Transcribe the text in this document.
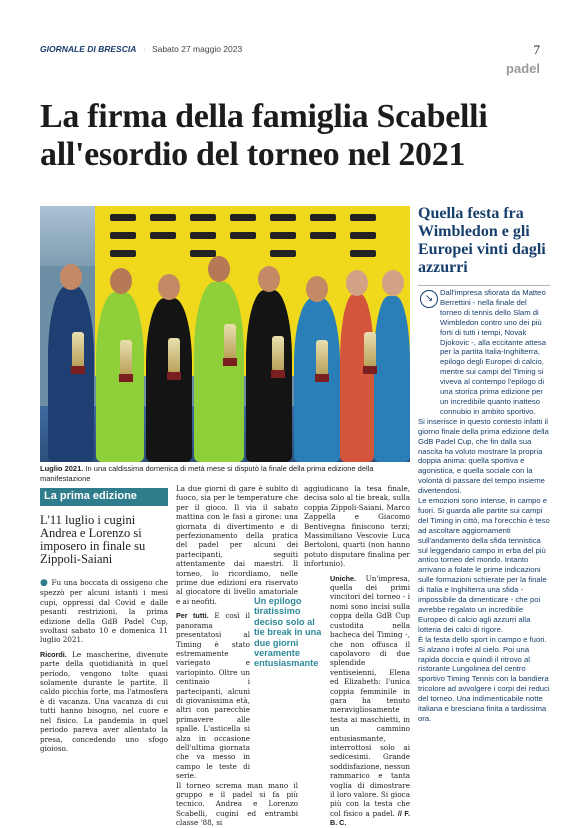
GIORNALE DI BRESCIA · Sabato 27 maggio 2023	7
padel
La firma della famiglia Scabelli
all'esordio del torneo nel 2021
Luglio 2021. In una caldissima domenica di metà mese si disputò la finale della prima edizione della manifestazione
Quella festa fra Wimbledon e gli Europei vinti dagli azzurri
↘
Dall'impresa sfiorata da Matteo Berrettini - nella finale del torneo di tennis dello Slam di Wimbledon contro uno dei più forti di tutti i tempi, Novak Djokovic -, alla eccitante attesa per la partita Italia-Inghilterra, epilogo degli Europei di calcio, mentre sui campi del Timing si viveva al contempo l'epilogo di una storica prima edizione per un incredibile quanto inatteso connubio in ambito sportivo.
Si inserisce in questo contesto infatti il giorno finale della prima edizione della GdB Padel Cup, che fin dalla sua nascita ha voluto mostrare la propria doppia anima: quella sportiva e agonistica, e quella sociale con la volontà di passare del tempo insieme divertendosi.
Le emozioni sono intense, in campo e fuori. Si guarda alle partite sui campi del Timing in cittò, ma l'orecchio è teso ad ascoltare aggiornamenti sull'andamento della sfida tennistica sul leggendario campo in erba del più antico torneo del mondo. Intanto arrivano a folate le prime indicazioni sulle formazioni schierate per la finale di Italia e Inghilterra una sfida - impossibile da dimenticare - che poi avrebbe regalato un incredibile Europeo di calcio agli azzurri alla lotteria dei calci di rigore.
È la festa dello sport in campo e fuori. Si alzano i trofei al cielo. Poi una rapida doccia e quindi il ritrovo al ristorante Lungolinea del centro sportivo Timing Tennis con la bandiera tricolore ad avvolgere i corpi dei reduci del torneo. Una indimenticabile notte italiana e bresciana finita a tardissima ora.
La prima edizione
L'11 luglio i cugini Andrea e Lorenzo si imposero in finale su Zippoli-Saiani

● Fu una boccata di ossigeno che spezzò per alcuni istanti i mesi cupi, oppressi dal Covid e dalle pesanti restrizioni, la prima edizione della GdB Padel Cup, svoltasi sabato 10 e domenica 11 luglio 2021.

Ricordi. Le mascherine, divenute parte della quotidianità in quel periodo, vengono tolte quasi solamente durante le partite. Il caldo picchia forte, ma l'atmosfera è di vacanza. Una vacanza di cui tutti hanno bisogno, nel cuore e nel fisico. La pandemia in quel periodo pareva aver allentato la presa, concedendo uno sfogo gioioso.

La due giorni di gare è subito di fuoco, sia per le temperature che per il gioco. Il via il sabato mattina con le fasi a girone: una giornata di divertimento e di perfezionamento della pratica del padel per alcuni dei partecipanti, seguiti attentamente dai maestri. Il torneo, lo ricordiamo, nelle prime due edizioni era riservato al giocatore di livello amatoriale e ai neofiti.

Per tutti. E così il panorama presentatosi al Timing è stato estremamente variegato e variopinto. Oltre un centinaio i partecipanti, alcuni di giovanissima età, altri con parecchie primavere alle spalle. L'asticella si alza in occasione dell'ultima giornata che va messo in campo le teste di serie.

Il torneo screma man mano il gruppo e il padel si fa più tecnico. Andrea e Lorenzo Scabelli, cugini ed entrambi classe '88, si

aggiudicano la tesa finale, decisa solo al tie break, sulla coppia Zippoli-Saiani. Marco Zappella e Giacomo Bentivegna finiscono terzi; Massimiliano Vescovie Luca Bertoloni, quarti (non hanno potuto disputare finalina per infortunio).

Uniche. Un'impresa, quella dei primi vincitori del torneo - i nomi sono incisi sulla coppa della GdB Cup custodita nella bacheca del Timing -, che non offusca il capolavoro di due splendide ventiseienni, Elena ed Elizabeth: l'unica coppia femminile in gara ha tenuto meravigliosamente testa ai maschietti, in un cammino entusiasmante, interrottosi solo ai sedicesimi. Grande soddisfazione, nessun rammarico e tanta voglia di dimostrare il loro valore. Si gioca più con la testa che col fisico a padel. // F. B. C.

Un epilogo tiratissimo deciso solo al tie break in una due giorni veramente entusiasmante
